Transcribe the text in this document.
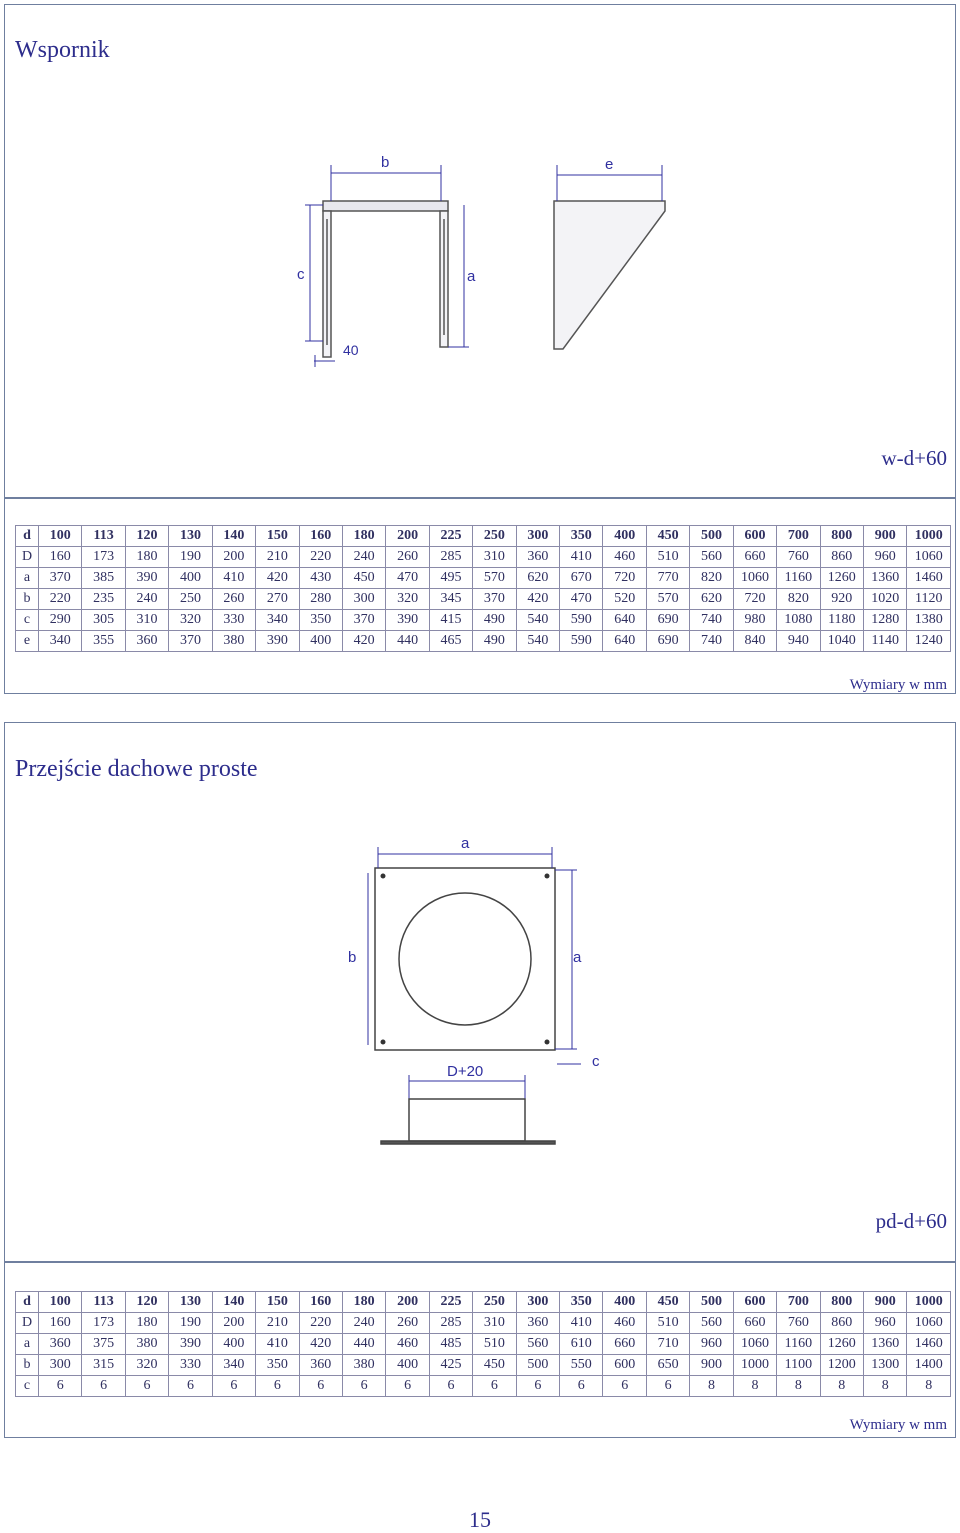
Wspornik
b
c	a
40
e
w-d+60
d	100	113	120	130	140	150	160	180	200	225	250	300	350	400	450	500	600	700	800	900	1000
D	160	173	180	190	200	210	220	240	260	285	310	360	410	460	510	560	660	760	860	960	1060
a	370	385	390	400	410	420	430	450	470	495	570	620	670	720	770	820	1060	1160	1260	1360	1460
b	220	235	240	250	260	270	280	300	320	345	370	420	470	520	570	620	720	820	920	1020	1120
c	290	305	310	320	330	340	350	370	390	415	490	540	590	640	690	740	980	1080	1180	1280	1380
e	340	355	360	370	380	390	400	420	440	465	490	540	590	640	690	740	840	940	1040	1140	1240
Wymiary w mm
Przejście dachowe proste
a
b	a
c
D+20
pd-d+60
d	100	113	120	130	140	150	160	180	200	225	250	300	350	400	450	500	600	700	800	900	1000
D	160	173	180	190	200	210	220	240	260	285	310	360	410	460	510	560	660	760	860	960	1060
a	360	375	380	390	400	410	420	440	460	485	510	560	610	660	710	960	1060	1160	1260	1360	1460
b	300	315	320	330	340	350	360	380	400	425	450	500	550	600	650	900	1000	1100	1200	1300	1400
c	6	6	6	6	6	6	6	6	6	6	6	6	6	6	6	8	8	8	8	8	8
Wymiary w mm
15
